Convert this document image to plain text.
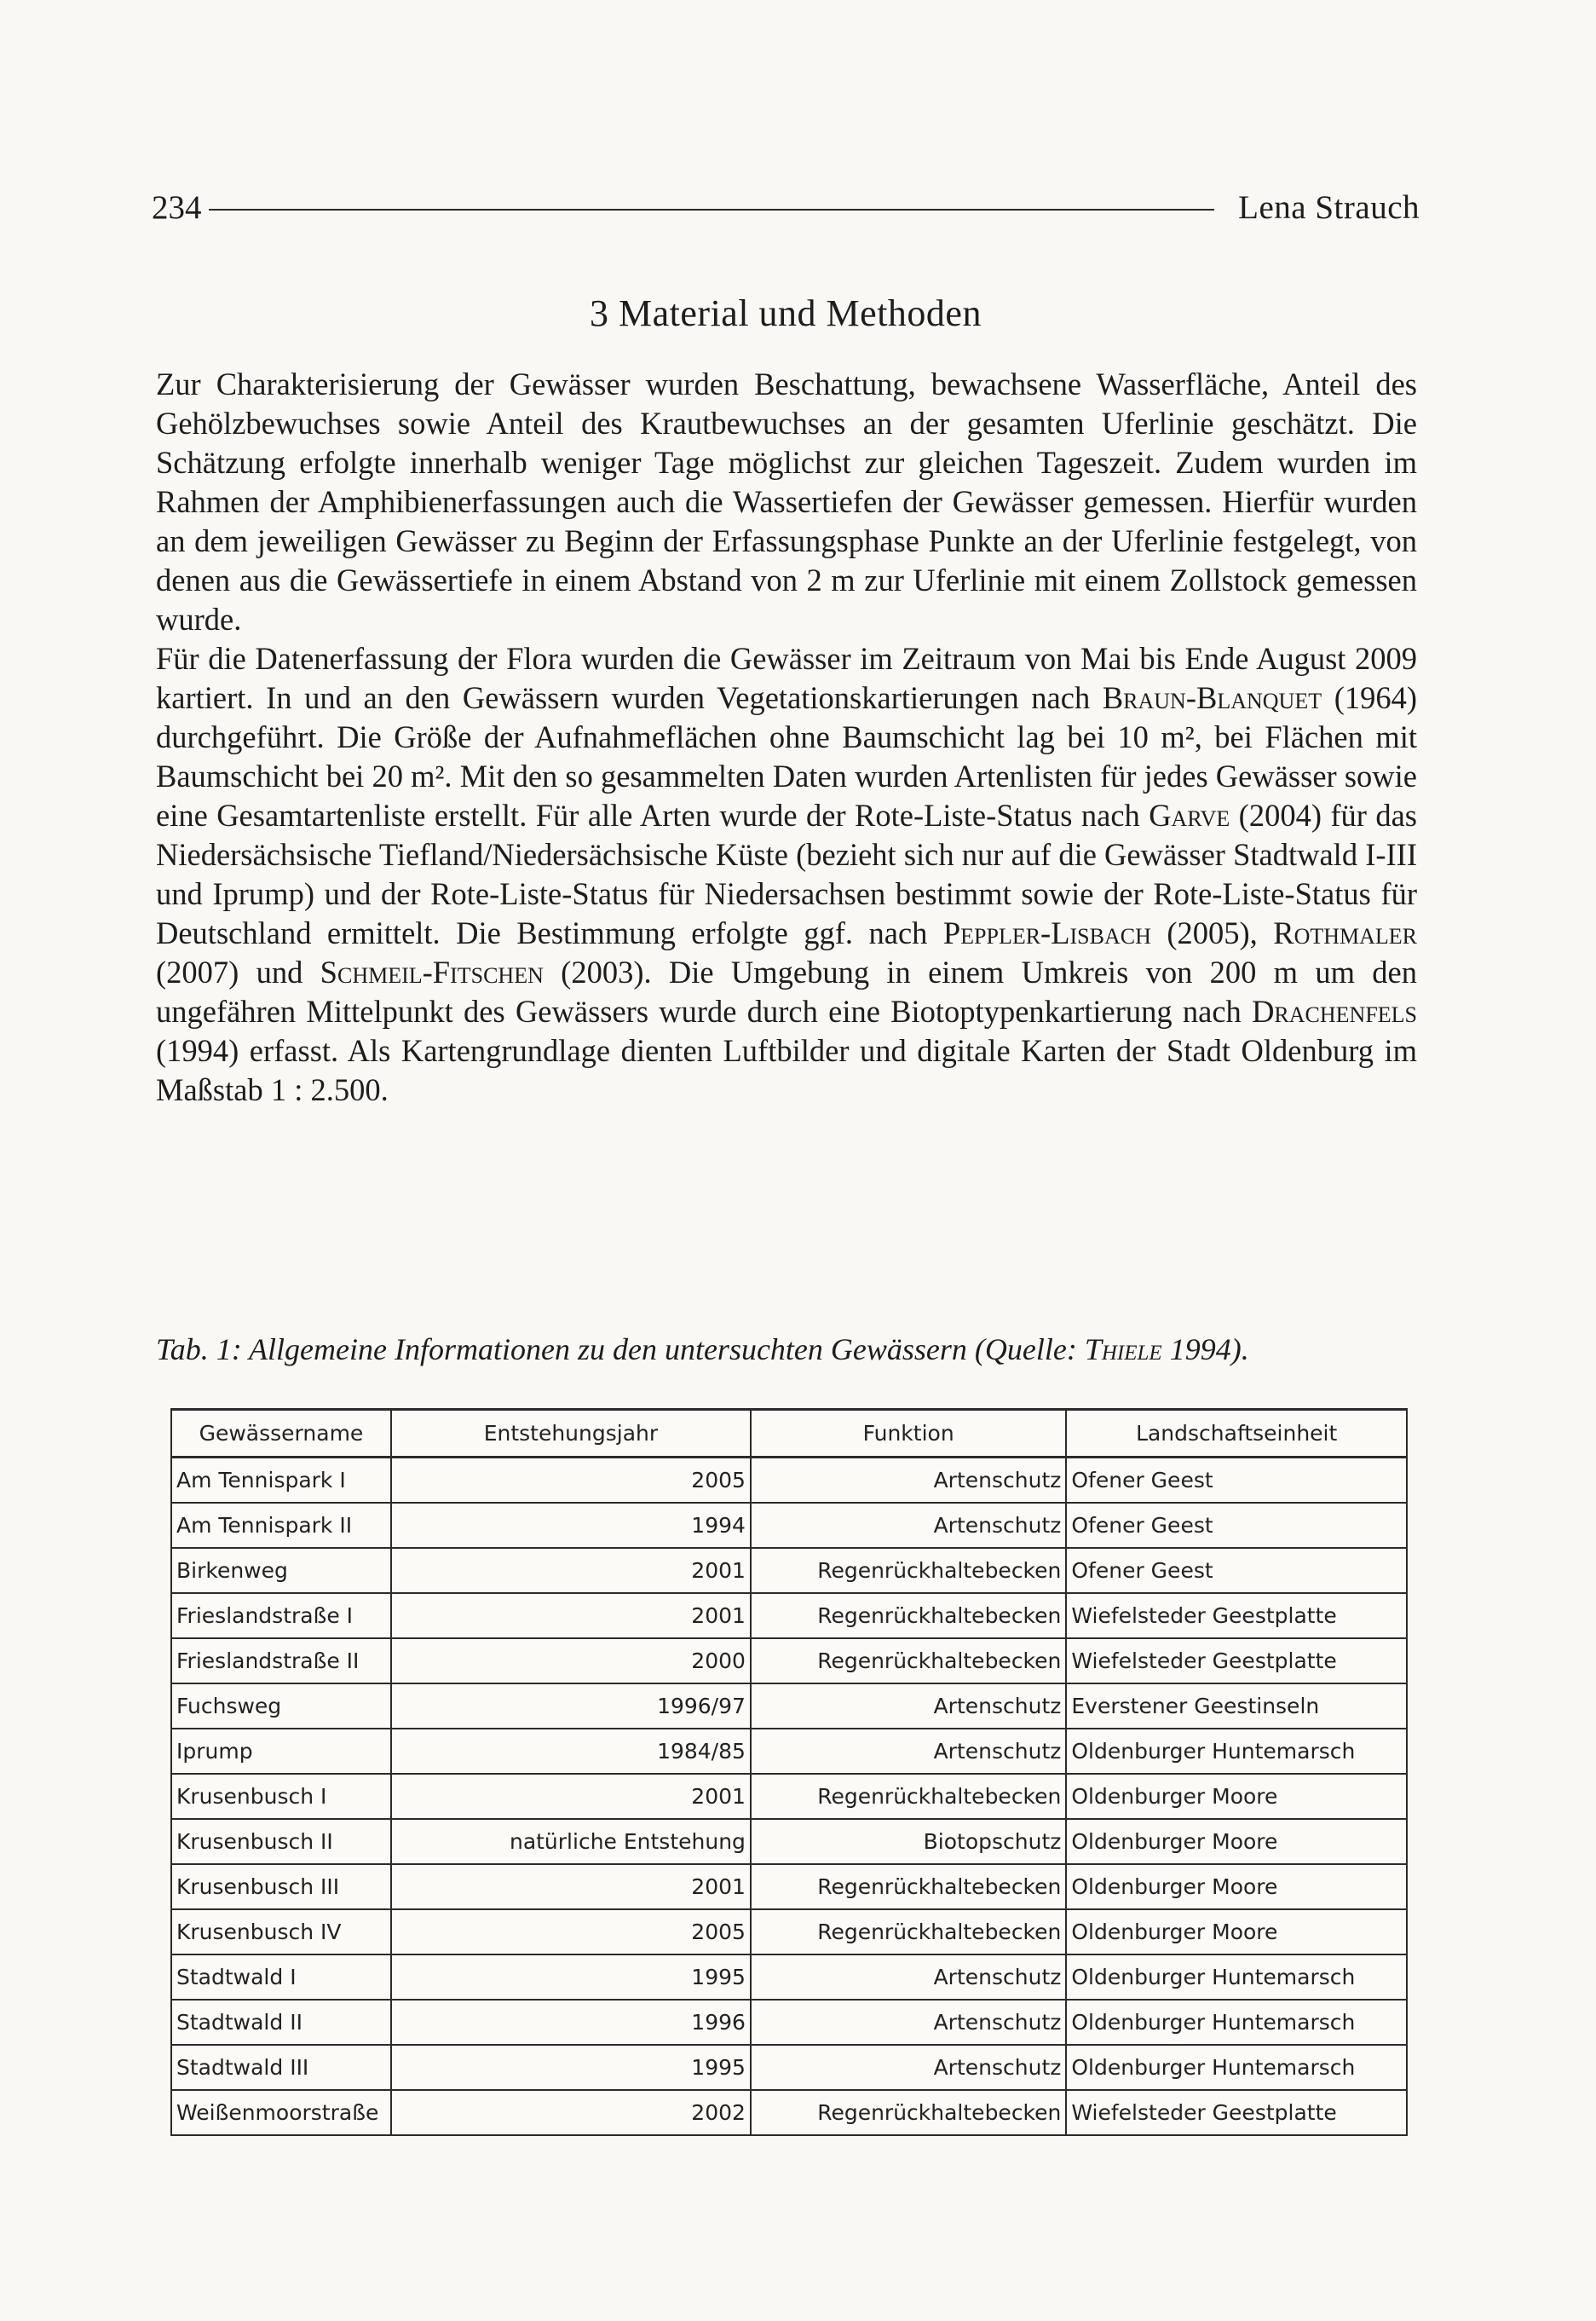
234	Lena Strauch
3 Material und Methoden

Zur Charakterisierung der Gewässer wurden Beschattung, bewachsene Wasserfläche, Anteil des Gehölzbewuchses sowie Anteil des Krautbewuchses an der gesamten Uferlinie geschätzt. Die Schätzung erfolgte innerhalb weniger Tage möglichst zur gleichen Tageszeit. Zudem wurden im Rahmen der Amphibienerfassungen auch die Wassertiefen der Gewässer gemessen. Hierfür wurden an dem jeweiligen Gewässer zu Beginn der Erfassungsphase Punkte an der Uferlinie festgelegt, von denen aus die Gewässertiefe in einem Abstand von 2 m zur Uferlinie mit einem Zollstock gemessen wurde.

Für die Datenerfassung der Flora wurden die Gewässer im Zeitraum von Mai bis Ende August 2009 kartiert. In und an den Gewässern wurden Vegetationskartierungen nach Braun-Blanquet (1964) durchgeführt. Die Größe der Aufnahmeflächen ohne Baumschicht lag bei 10 m², bei Flächen mit Baumschicht bei 20 m². Mit den so gesammelten Daten wurden Artenlisten für jedes Gewässer sowie eine Gesamtartenliste erstellt. Für alle Arten wurde der Rote-Liste-Status nach Garve (2004) für das Niedersächsische Tiefland/Niedersächsische Küste (bezieht sich nur auf die Gewässer Stadtwald I-III und Iprump) und der Rote-Liste-Status für Niedersachsen bestimmt sowie der Rote-Liste-Status für Deutschland ermittelt. Die Bestimmung erfolgte ggf. nach Peppler-Lisbach (2005), Rothmaler (2007) und Schmeil-Fitschen (2003). Die Umgebung in einem Umkreis von 200 m um den ungefähren Mittelpunkt des Gewässers wurde durch eine Biotoptypenkartierung nach Drachenfels (1994) erfasst. Als Kartengrundlage dienten Luftbilder und digitale Karten der Stadt Oldenburg im Maßstab 1 : 2.500.

Tab. 1: Allgemeine Informationen zu den untersuchten Gewässern (Quelle: Thiele 1994).
Gewässername	Entstehungsjahr	Funktion	Landschaftseinheit
Am Tennispark I	2005	Artenschutz	Ofener Geest
Am Tennispark II	1994	Artenschutz	Ofener Geest
Birkenweg	2001	Regenrückhaltebecken	Ofener Geest
Frieslandstraße I	2001	Regenrückhaltebecken	Wiefelsteder Geestplatte
Frieslandstraße II	2000	Regenrückhaltebecken	Wiefelsteder Geestplatte
Fuchsweg	1996/97	Artenschutz	Everstener Geestinseln
Iprump	1984/85	Artenschutz	Oldenburger Huntemarsch
Krusenbusch I	2001	Regenrückhaltebecken	Oldenburger Moore
Krusenbusch II	natürliche Entstehung	Biotopschutz	Oldenburger Moore
Krusenbusch III	2001	Regenrückhaltebecken	Oldenburger Moore
Krusenbusch IV	2005	Regenrückhaltebecken	Oldenburger Moore
Stadtwald I	1995	Artenschutz	Oldenburger Huntemarsch
Stadtwald II	1996	Artenschutz	Oldenburger Huntemarsch
Stadtwald III	1995	Artenschutz	Oldenburger Huntemarsch
Weißenmoorstraße	2002	Regenrückhaltebecken	Wiefelsteder Geestplatte
